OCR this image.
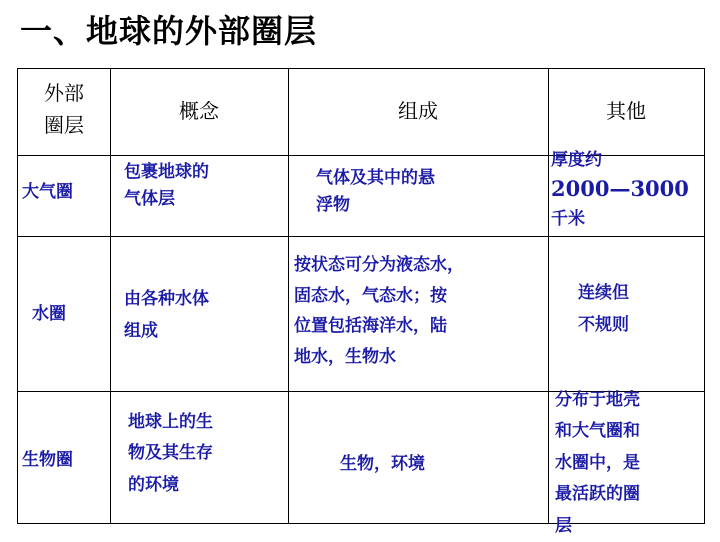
一、地球的外部圈层
外部
圈层
概念	组成	其他
大气圈
包裹地球的
气体层
气体及其中的悬
浮物
厚度约
2000—3000
千米
水圈
由各种水体
组成
按状态可分为液态水，
固态水，气态水；按
位置包括海洋水，陆
地水，生物水
连续但
不规则
生物圈
地球上的生
物及其生存
的环境
生物，环境
分布于地壳
和大气圈和
水圈中，是
最活跃的圈
层
